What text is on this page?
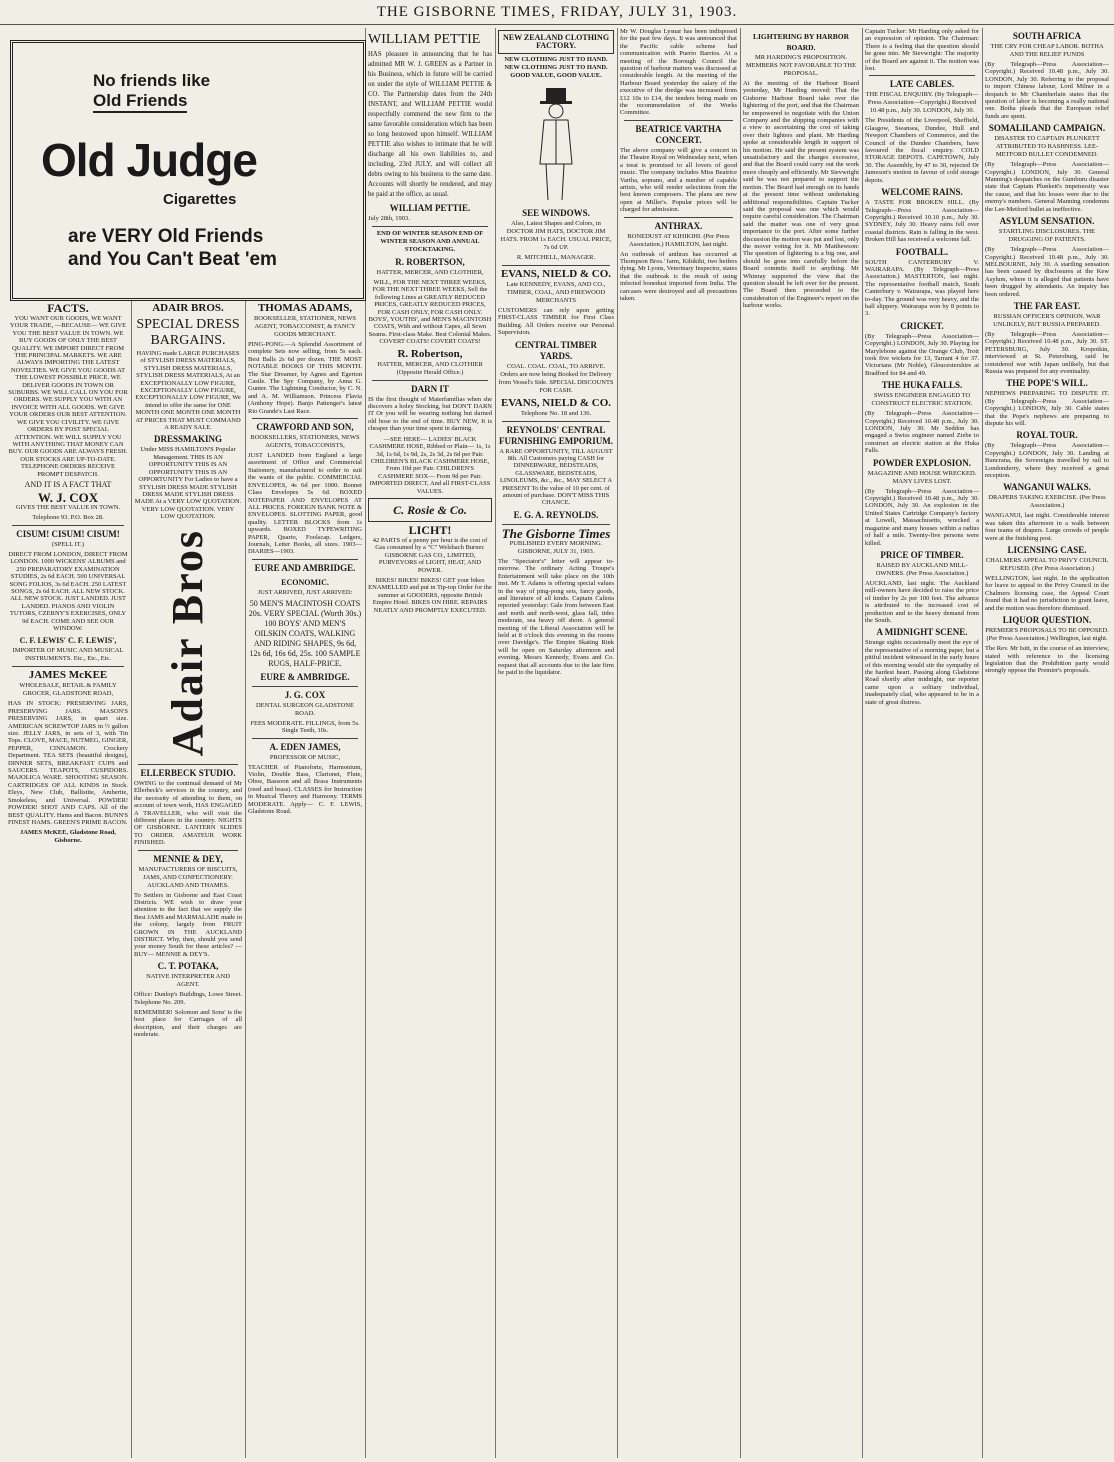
THE GISBORNE TIMES, FRIDAY, JULY 31, 1903.
No friends like
Old Friends
Old Judge
Cigarettes
are VERY Old Friends
and You Can't Beat 'em
FACTS.
YOU WANT OUR GOODS, WE WANT YOUR TRADE, —BECAUSE— WE GIVE YOU THE BEST VALUE IN TOWN. WE BUY GOODS OF ONLY THE BEST QUALITY. WE IMPORT DIRECT FROM THE PRINCIPAL MARKETS. WE ARE ALWAYS IMPORTING THE LATEST NOVELTIES. WE GIVE YOU GOODS AT THE LOWEST POSSIBLE PRICE. WE DELIVER GOODS IN TOWN OR SUBURBS. WE WILL CALL ON YOU FOR ORDERS. WE SUPPLY YOU WITH AN INVOICE WITH ALL GOODS. WE GIVE YOUR ORDERS OUR BEST ATTENTION. WE GIVE YOU CIVILITY. WE GIVE ORDERS BY POST SPECIAL ATTENTION. WE WILL SUPPLY YOU WITH ANYTHING THAT MONEY CAN BUY. OUR GOODS ARE ALWAYS FRESH. OUR STOCKS ARE UP-TO-DATE. TELEPHONE ORDERS RECEIVE PROMPT DESPATCH.
AND IT IS A FACT THAT
W. J. COX
GIVES THE BEST VALUE IN TOWN.
Telephone 93. P.O. Box 28.
CISUM! CISUM! CISUM!
(SPELL IT.)
DIRECT FROM LONDON, DIRECT FROM LONDON. 1000 WICKENS' ALBUMS and 250 PREPARATORY EXAMINATION STUDIES, 2s 6d EACH. 500 UNIVERSAL SONG FOLIOS, 3s 6d EACH. 250 LATEST SONGS, 2s 6d EACH. ALL NEW STOCK. ALL NEW STOCK. JUST LANDED. JUST LANDED. PIANOS AND VIOLIN TUTORS, CZERNY'S EXERCISES, ONLY 9d EACH. COME AND SEE OUR WINDOW.
C. F. LEWIS' C. F. LEWIS',
IMPORTER OF MUSIC AND MUSICAL INSTRUMENTS. Etc., Etc., Etc.
JAMES McKEE
WHOLESALE, RETAIL & FAMILY GROCER, GLADSTONE ROAD,
HAS IN STOCK: PRESERVING JARS, PRESERVING JARS. MASON'S PRESERVING JARS, in quart size. AMERICAN SCREWTOP JARS in ½ gallon size. JELLY JARS, in sets of 3, with Tin Tops. CLOVE, MACE, NUTMEG, GINGER, PEPPER, CINNAMON. Crockery Department. TEA SETS (beautiful designs), DINNER SETS, BREAKFAST CUPS and SAUCERS. TEAPOTS, CUSPIDORS. MAJOLICA WARE. SHOOTING SEASON. CARTRIDGES OF ALL KINDS in Stock. Eleys, New Club, Ballistite, Amberite, Smokeless, and Universal. POWDER! POWDER! SHOT AND CAPS. All of the BEST QUALITY. Hams and Bacon. BUNN'S FINEST HAMS. GREEN'S PRIME BACON.
JAMES McKEE, Gladstone Road, Gisborne.
ADAIR BROS.
SPECIAL DRESS BARGAINS.
HAVING made LARGE PURCHASES of STYLISH DRESS MATERIALS, STYLISH DRESS MATERIALS, STYLISH DRESS MATERIALS, At an EXCEPTIONALLY LOW FIGURE, EXCEPTIONALLY LOW FIGURE, EXCEPTIONALLY LOW FIGURE, We intend to offer the same for ONE MONTH ONE MONTH ONE MONTH AT PRICES THAT MUST COMMAND A READY SALE.
DRESSMAKING
Under MISS HAMILTON'S Popular Management. THIS IS AN OPPORTUNITY THIS IS AN OPPORTUNITY THIS IS AN OPPORTUNITY For Ladies to have a STYLISH DRESS MADE STYLISH DRESS MADE STYLISH DRESS MADE At a VERY LOW QUOTATION. VERY LOW QUOTATION. VERY LOW QUOTATION.
Adair Bros
ELLERBECK STUDIO.
OWING to the continual demand of Mr Ellerbeck's services in the country, and the necessity of attending to them, on account of town work, HAS ENGAGED A TRAVELLER, who will visit the different places in the country. NIGHTS OF GISBORNE. LANTERN SLIDES TO ORDER. AMATEUR WORK FINISHED.
MENNIE & DEY,
MANUFACTURERS OF BISCUITS, JAMS, AND CONFECTIONERY. AUCKLAND AND THAMES.
To Settlers in Gisborne and East Coast Districts. WE wish to draw your attention to the fact that we supply the Best JAMS and MARMALADE made in the colony, largely from FRUIT GROWN IN THE AUCKLAND DISTRICT. Why, then, should you send your money South for these articles? —BUY— MENNIE & DEY'S.
C. T. POTAKA,
NATIVE INTERPRETER AND AGENT.
Office: Dunlop's Buildings, Lowe Street. Telephone No. 209.
REMEMBER! Solomon and Sons' is the best place for Carriages of all description, and their charges are moderate.
THOMAS ADAMS,
BOOKSELLER, STATIONER, NEWS AGENT, TOBACCONIST, & FANCY GOODS MERCHANT.
PING-PONG.—A Splendid Assortment of complete Sets now selling, from 5s each. Best Balls 2s 6d per dozen. THE MOST NOTABLE BOOKS OF THIS MONTH. The Star Dreamer, by Agnes and Egerton Castle. The Spy Company, by Anna G. Gunter. The Lightning Conductor, by C. N. and A. M. Williamson. Princess Flavia (Anthony Hope). Banjo Pattenger's latest Rio Grande's Last Race.
CRAWFORD AND SON,
BOOKSELLERS, STATIONERS, NEWS AGENTS, TOBACCONISTS,
JUST LANDED from England a large assortment of Office and Commercial Stationery, manufactured to order to suit the wants of the public. COMMERCIAL ENVELOPES, 4s 6d per 1000. Bonnet Class Envelopes 5s 6d. BOXED NOTEPAPER AND ENVELOPES AT ALL PRICES. FOREIGN BANK NOTE & ENVELOPES. SLOTTING PAPER, good quality. LETTER BLOCKS from 1s upwards. BOXED TYPEWRITING PAPER, Quarto, Foolscap. Ledgers, Journals, Letter Books, all sizes. 1903—DIARIES—1903.
EURE AND AMBRIDGE.
ECONOMIC.
JUST ARRIVED, JUST ARRIVED:
50 MEN'S MACINTOSH COATS 20s. VERY SPECIAL (Worth 30s.) 100 BOYS' AND MEN'S OILSKIN COATS, WALKING AND RIDING SHAPES, 9s 6d, 12s 6d, 16s 6d, 25s. 100 SAMPLE RUGS, HALF-PRICE.
EURE & AMBRIDGE.
J. G. COX
DENTAL SURGEON GLADSTONE ROAD.
FEES MODERATE. FILLINGS, from 5s. Single Teeth, 10s.
A. EDEN JAMES,
PROFESSOR OF MUSIC,
TEACHER of Pianoforte, Harmonium, Violin, Double Bass, Clarionet, Flute, Oboe, Bassoon and all Brass Instruments (reed and brass). CLASSES for Instruction in Musical Theory and Harmony. TERMS MODERATE. Apply— C. F. LEWIS, Gladstone Road.
WILLIAM PETTIE
HAS pleasure in announcing that he has admitted MR W. J. GREEN as a Partner in his Business, which in future will be carried on under the style of WILLIAM PETTIE & CO. The Partnership dates from the 24th INSTANT, and WILLIAM PETTIE would respectfully commend the new firm to the same favorable consideration which has been so long bestowed upon himself. WILLIAM PETTIE also wishes to intimate that he will discharge all his own liabilities to, and including, 23rd JULY, and will collect all debts owing to his business to the same date. Accounts will shortly be rendered, and may be paid at the office, as usual.
WILLIAM PETTIE.
July 28th, 1903.
END OF WINTER SEASON END OF WINTER SEASON AND ANNUAL STOCKTAKING.
R. ROBERTSON,
HATTER, MERCER, AND CLOTHIER,
WILL, FOR THE NEXT THREE WEEKS, FOR THE NEXT THREE WEEKS, Sell the following Lines at GREATLY REDUCED PRICES, GREATLY REDUCED PRICES, FOR CASH ONLY, FOR CASH ONLY. BOYS', YOUTHS', and MEN'S MACINTOSH COATS, With and without Capes, all Sewn Seams. First-class Make. Best Colonial Makes. COVERT COATS! COVERT COATS!
R. Robertson,
HATTER, MERCER, AND CLOTHIER (Opposite Herald Office.)
DARN IT
IS the first thought of Materfamilias when she discovers a holey Stocking, but DON'T DARN IT Or you will be wearing nothing but darned old hose to the end of time. BUY NEW, It is cheaper than your time spent in darning.
—SEE HERE— LADIES' BLACK CASHMERE HOSE, Ribbed or Plain— 1s, 1s 3d, 1s 6d, 1s 9d, 2s, 2s 3d, 2s 6d per Pair. CHILDREN'S BLACK CASHMERE HOSE, From 10d per Pair. CHILDREN'S CASHMERE SOX— From 9d per Pair. IMPORTED DIRECT, And all FIRST-CLASS VALUES.
C. Rosie & Co.
LICHT!
42 PARTS of a penny per hour is the cost of Gas consumed by a "C" Welsbach Burner. GISBORNE GAS CO., LIMITED, PURVEYORS of LIGHT, HEAT, AND POWER.
BIKES! BIKES! BIKES! GET your bikes ENAMELLED and put in Tip-top Order for the summer at GOODERS, opposite British Empire Hotel. BIKES ON HIRE. REPAIRS NEATLY AND PROMPTLY EXECUTED.
NEW ZEALAND CLOTHING FACTORY.
NEW CLOTHING JUST TO HAND. NEW CLOTHING JUST TO HAND. GOOD VALUE, GOOD VALUE.
SEE WINDOWS.
Also, Latest Shapes and Colors, in DOCTOR JIM HATS, DOCTOR JIM HATS. FROM 1s EACH. USUAL PRICE, 7s 6d UP.
R. MITCHELL, MANAGER.
EVANS, NIELD & CO.
Late KENNEDY, EVANS, AND CO., TIMBER, COAL, AND FIREWOOD MERCHANTS
CUSTOMERS can rely upon getting FIRST-CLASS TIMBER for First Class Building. All Orders receive our Personal Supervision.
CENTRAL TIMBER YARDS.
COAL. COAL. COAL, TO ARRIVE. Orders are now being Booked for Delivery from Vessel's Side. SPECIAL DISCOUNTS FOR CASH.
EVANS, NIELD & CO.
Telephone No. 18 and 136.
REYNOLDS' CENTRAL FURNISHING EMPORIUM.
A RARE OPPORTUNITY, TILL AUGUST 8th. All Customers paying CASH for DINNERWARE, BEDSTEADS, GLASSWARE, BEDSTEADS, LINOLEUMS, &c., &c., MAY SELECT A PRESENT To the value of 10 per cent. of amount of purchase. DON'T MISS THIS CHANCE.
E. G. A. REYNOLDS.
The Gisborne Times
PUBLISHED EVERY MORNING. GISBORNE, JULY 31, 1903.
The "Spectator's" letter will appear to-morrow. The ordinary Acting Troupe's Entertainment will take place on the 10th inst. Mr T. Adams is offering special values in the way of ping-pong sets, fancy goods, and literature of all kinds. Captain Caliota reported yesterday: Gale from between East and north and north-west, glass fall, tides moderate, sea heavy off shore. A general meeting of the Liberal Association will be held at 8 o'clock this evening in the rooms over Davidge's. The Empire Skating Rink will be open on Saturday afternoon and evening. Messrs Kennedy, Evans and Co. request that all accounts due to the late firm be paid to the liquidator.
Mr W. Douglas Lysnar has been indisposed for the past few days. It was announced that the Pacific cable scheme had communication with Puerto Barrios. At a meeting of the Borough Council the question of harbour matters was discussed at considerable length. At the meeting of the Harbour Board yesterday the salary of the executive of the dredge was increased from £12 10s to £14, the tenders being made on the recommendation of the Works Committee.
BEATRICE VARTHA CONCERT.
The above company will give a concert in the Theatre Royal on Wednesday next, when a treat is promised to all lovers of good music. The company includes Miss Beatrice Vartha, soprano, and a number of capable artists, who will render selections from the best known composers. The plans are now open at Miller's. Popular prices will be charged for admission.
ANTHRAX.
BONEDUST AT KIHIKIHI. (Per Press Association.) HAMILTON, last night.
An outbreak of anthrax has occurred at Thompson Bros.' farm, Kihikihi, two heifers dying. Mr Lyons, Veterinary Inspector, states that the outbreak is the result of using infected bonedust imported from India. The carcases were destroyed and all precautions taken.
LIGHTERING BY HARBOR BOARD.
MR HARDING'S PROPOSITION. MEMBERS NOT FAVORABLE TO THE PROPOSAL.
At the meeting of the Harbour Board yesterday, Mr Harding moved: That the Gisborne Harbour Board take over the lightering of the port, and that the Chairman be empowered to negotiate with the Union Company and the shipping companies with a view to ascertaining the cost of taking over their lighters and plant. Mr Harding spoke at considerable length in support of his motion. He said the present system was unsatisfactory and the charges excessive, and that the Board could carry out the work more cheaply and efficiently. Mr Sievwright said he was not prepared to support the motion. The Board had enough on its hands at the present time without undertaking additional responsibilities. Captain Tucker said the proposal was one which would require careful consideration. The Chairman said the matter was one of very great importance to the port. After some further discussion the motion was put and lost, only the mover voting for it. Mr Matthewson: The question of lightering is a big one, and should be gone into carefully before the Board commits itself to anything. Mr Whinray supported the view that the question should be left over for the present. The Board then proceeded to the consideration of the Engineer's report on the harbour works.
Captain Tucker: Mr Harding only asked for an expression of opinion. The Chairman: There is a feeling that the question should be gone into. Mr Sievwright: The majority of the Board are against it. The motion was lost.
LATE CABLES.
THE FISCAL ENQUIRY. (By Telegraph—Press Association—Copyright.) Received 10.48 p.m., July 30. LONDON, July 30.
The Presidents of the Liverpool, Sheffield, Glasgow, Swansea, Dundee, Hull and Newport Chambers of Commerce, and the Council of the Dundee Chambers, have favoured the fiscal enquiry. COLD STORAGE DEPOTS. CAPETOWN, July 30. The Assembly, by 47 to 30, rejected Dr Jameson's motion in favour of cold storage depots.
WELCOME RAINS.
A TASTE FOR BROKEN HILL. (By Telegraph—Press Association—Copyright.) Received 10.10 p.m., July 30. SYDNEY, July 30. Heavy rains fell over coastal districts. Rain is falling in the west. Broken Hill has received a welcome fall.
FOOTBALL.
SOUTH CANTERBURY V. WAIRARAPA. (By Telegraph—Press Association.) MASTERTON, last night. The representative football match, South Canterbury v. Wairarapa, was played here to-day. The ground was very heavy, and the ball slippery. Wairarapa won by 8 points to 3.
CRICKET.
(By Telegraph—Press Association—Copyright.) LONDON, July 30. Playing for Marylebone against the Orange Club, Trott took five wickets for 13, Tarrant 4 for 37. Victorians (Mr Noble), Gloucestershire at Bradford for 84 and 49.
THE HUKA FALLS.
SWISS ENGINEER ENGAGED TO CONSTRUCT ELECTRIC STATION.
(By Telegraph—Press Association—Copyright.) Received 10.48 p.m., July 30. LONDON, July 30. Mr Seddon has engaged a Swiss engineer named Ziebe to construct an electric station at the Huka Falls.
POWDER EXPLOSION.
MAGAZINE AND HOUSE WRECKED. MANY LIVES LOST.
(By Telegraph—Press Association—Copyright.) Received 10.48 p.m., July 30. LONDON, July 30. An explosion in the United States Cartridge Company's factory at Lowell, Massachusetts, wrecked a magazine and many houses within a radius of half a mile. Twenty-five persons were killed.
PRICE OF TIMBER.
RAISED BY AUCKLAND MILL-OWNERS. (Per Press Association.)
AUCKLAND, last night. The Auckland mill-owners have decided to raise the price of timber by 2s per 100 feet. The advance is attributed to the increased cost of production and to the heavy demand from the South.
A MIDNIGHT SCENE.
Strange sights occasionally meet the eye of the representative of a morning paper, but a pitiful incident witnessed in the early hours of this morning would stir the sympathy of the hardest heart. Passing along Gladstone Road shortly after midnight, our reporter came upon a solitary individual, inadequately clad, who appeared to be in a state of great distress.
SOUTH AFRICA
THE CRY FOR CHEAP LABOR. BOTHA AND THE RELIEF FUNDS
(By Telegraph—Press Association—Copyright.) Received 10.48 p.m., July 30. LONDON, July 30. Referring to the proposal to import Chinese labour, Lord Milner in a despatch to Mr Chamberlain states that the question of labor is becoming a really national one. Botha pleads that the European relief funds are spent.
SOMALILAND CAMPAIGN.
DISASTER TO CAPTAIN PLUNKETT ATTRIBUTED TO RASHNESS. LEE-METFORD BULLET CONDEMNED.
(By Telegraph—Press Association—Copyright.) LONDON, July 30. General Manning's despatches on the Gumburu disaster state that Captain Plunkett's impetuosity was the cause, and that his losses were due to the enemy's numbers. General Manning condemns the Lee-Metford bullet as ineffective.
ASYLUM SENSATION.
STARTLING DISCLOSURES. THE DRUGGING OF PATIENTS.
(By Telegraph—Press Association—Copyright.) Received 10.48 p.m., July 30. MELBOURNE, July 30. A startling sensation has been caused by disclosures at the Kew Asylum, where it is alleged that patients have been drugged by attendants. An inquiry has been ordered.
THE FAR EAST.
RUSSIAN OFFICER'S OPINION. WAR UNLIKELY, BUT RUSSIA PREPARED.
(By Telegraph—Press Association—Copyright.) Received 10.48 p.m., July 30. ST. PETERSBURG, July 30. Kropotkin, interviewed at St. Petersburg, said he considered war with Japan unlikely, but that Russia was prepared for any eventuality.
THE POPE'S WILL.
NEPHEWS PREPARING TO DISPUTE IT. (By Telegraph—Press Association—Copyright.) LONDON, July 30. Cable states that the Pope's nephews are preparing to dispute his will.
ROYAL TOUR.
(By Telegraph—Press Association—Copyright.) LONDON, July 30. Landing at Buncrana, the Sovereigns travelled by rail to Londonderry, where they received a great reception.
WANGANUI WALKS.
DRAPERS TAKING EXERCISE. (Per Press Association.)
WANGANUI, last night. Considerable interest was taken this afternoon in a walk between four teams of drapers. Large crowds of people were at the finishing post.
LICENSING CASE.
CHALMERS APPEAL TO PRIVY COUNCIL REFUSED. (Per Press Association.)
WELLINGTON, last night. In the application for leave to appeal to the Privy Council in the Chalmers licensing case, the Appeal Court found that it had no jurisdiction to grant leave, and the motion was therefore dismissed.
LIQUOR QUESTION.
PREMIER'S PROPOSALS TO BE OPPOSED. (Per Press Association.) Wellington, last night.
The Rev. Mr Isitt, in the course of an interview, stated with reference to the licensing legislation that the Prohibition party would strongly oppose the Premier's proposals.
